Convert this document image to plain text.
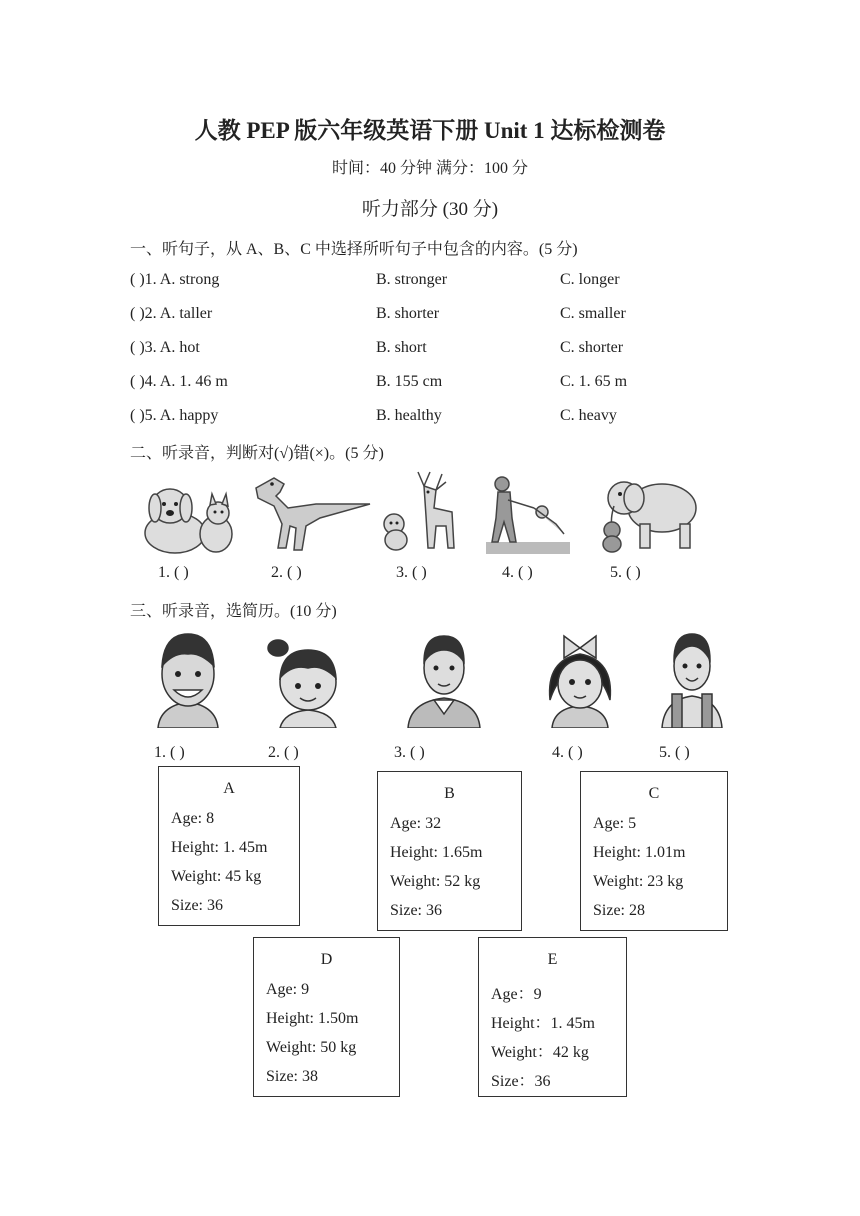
人教 PEP 版六年级英语下册 Unit 1 达标检测卷
时间：40 分钟 满分：100 分
听力部分 (30 分)
一、听句子，从 A、B、C 中选择所听句子中包含的内容。(5 分)
( )1. A. strong	B. stronger	C. longer
( )2. A. taller	B. shorter	C. smaller
( )3. A. hot	B. short	C. shorter
( )4. A. 1. 46 m	B. 155 cm	C. 1. 65 m
( )5. A. happy	B. healthy	C. heavy
二、听录音，判断对(√)错(×)。(5 分)
1. ( )	2. ( )	3. ( )	4. ( )	5. ( )
三、听录音，选简历。(10 分)
1. ( )	2. ( )	3. ( )	4. ( )	5. ( )
A
Age: 8
Height: 1. 45m
Weight: 45 kg
Size: 36
B
Age: 32
Height: 1.65m
Weight: 52 kg
Size: 36
C
Age: 5
Height: 1.01m
Weight: 23 kg
Size: 28
D
Age: 9
Height: 1.50m
Weight: 50 kg
Size: 38
E
Age：9
Height：1. 45m
Weight：42 kg
Size：36
